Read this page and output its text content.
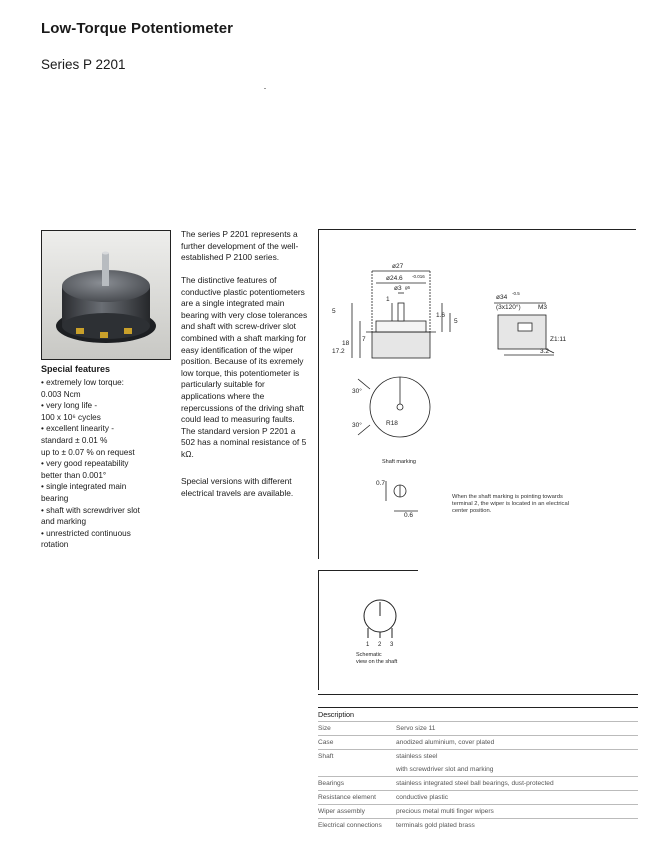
Low-Torque Potentiometer
Series P 2201
Special features
• extremely low torque:
0.003 Ncm
• very long life -
100 x 10⁶ cycles
• excellent linearity -
standard ± 0.01 %
up to ± 0.07 % on request
• very good repeatability
better than 0.001°
• single integrated main
bearing
• shaft with screwdriver slot
and marking
• unrestricted continuous
rotation

The series P 2201 represents a further development of the well-established P 2100 series.

The distinctive features of conductive plastic potentiometers are a single integrated main bearing with very close tolerances and shaft with screw-driver slot combined with a shaft marking for easy identification of the wiper position. Because of its exremely low torque, this potentiometer is particularly suitable for applications where the repercussions of the driving shaft could lead to measuring faults. The standard version P 2201 a 502 has a nominal resistance of 5 kΩ.

Special versions with different electrical travels are available.

ø27
ø24.6 -0.016
ø3 g6
ø34
-0.5
(3x120°)	M3
Z1:11
3.2
1
1.6
5
7
18
17.2
5
30°
30°	R18
Shaft marking
0.7
0.6
When the shaft marking is pointing towards terminal 2, the wiper is located in an electrical center position.
1 2 3
Schematic
view on the shaft
Description

Size	Servo size 11
Case	anodized aluminium, cover plated
Shaft	stainless steel
	with screwdriver slot and marking
Bearings	stainless integrated steel ball bearings, dust-protected
Resistance element	conductive plastic
Wiper assembly	precious metal multi finger wipers
Electrical connections	terminals gold plated brass
